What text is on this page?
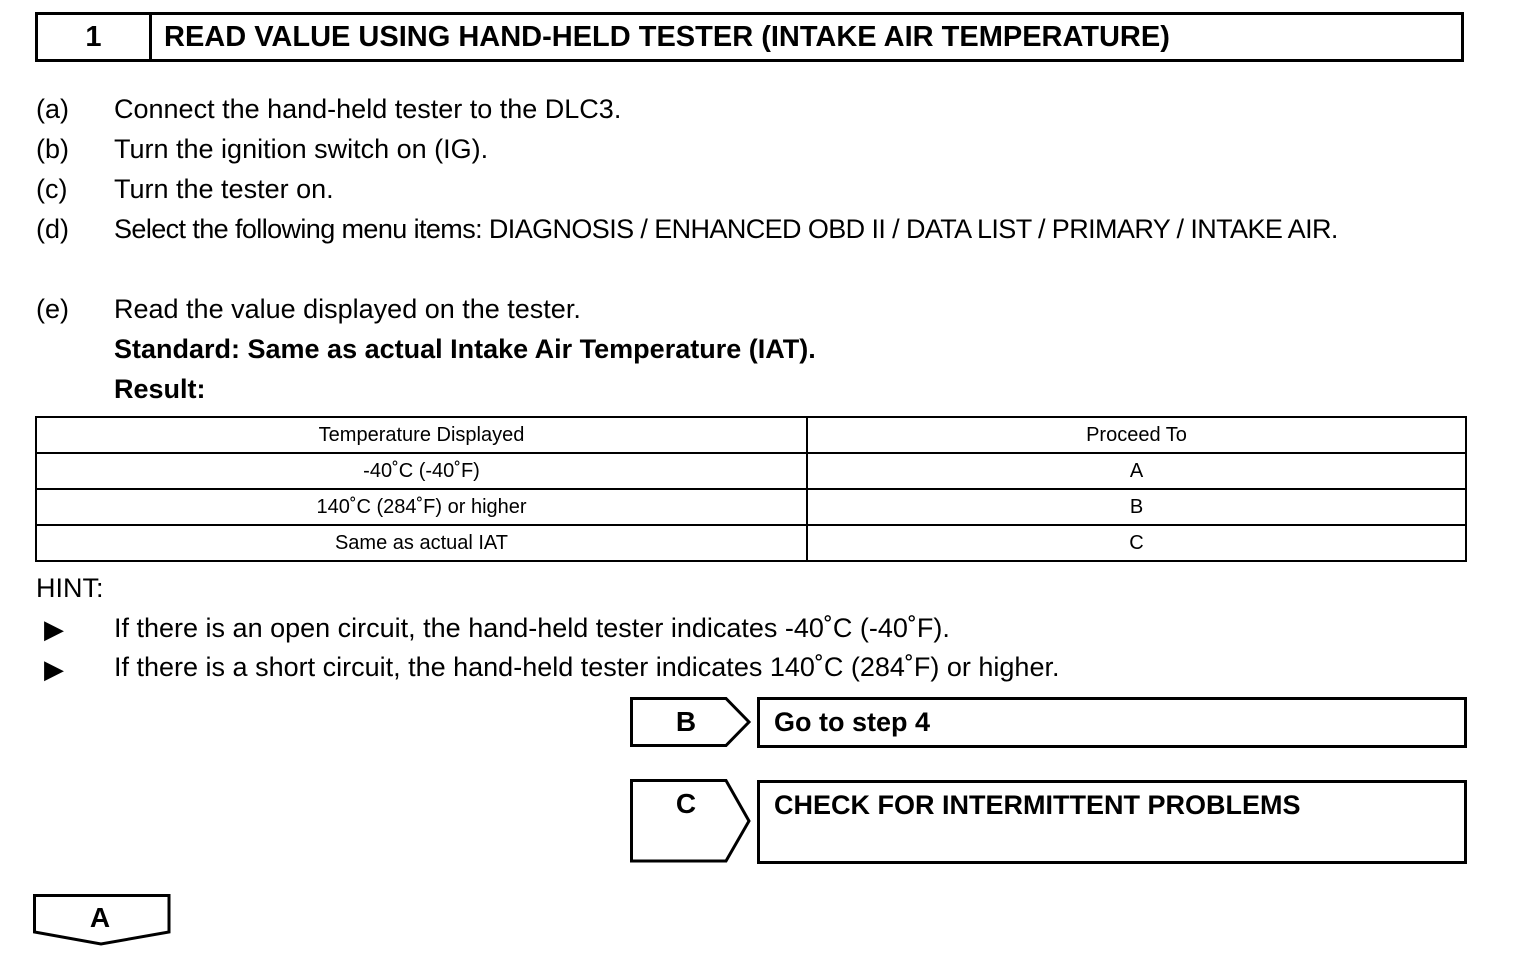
1	READ VALUE USING HAND-HELD TESTER (INTAKE AIR TEMPERATURE)
(a) Connect the hand-held tester to the DLC3.
(b) Turn the ignition switch on (IG).
(c) Turn the tester on.
(d) Select the following menu items: DIAGNOSIS / ENHANCED OBD II / DATA LIST / PRIMARY / INTAKE AIR.
(e) Read the value displayed on the tester.
Standard: Same as actual Intake Air Temperature (IAT).
Result:
Temperature Displayed	Proceed To
-40˚C (-40˚F)	A
140˚C (284˚F) or higher	B
Same as actual IAT	C
HINT:
▶ If there is an open circuit, the hand-held tester indicates -40˚C (-40˚F).
▶ If there is a short circuit, the hand-held tester indicates 140˚C (284˚F) or higher.
B	Go to step 4
C	CHECK FOR INTERMITTENT PROBLEMS
A
